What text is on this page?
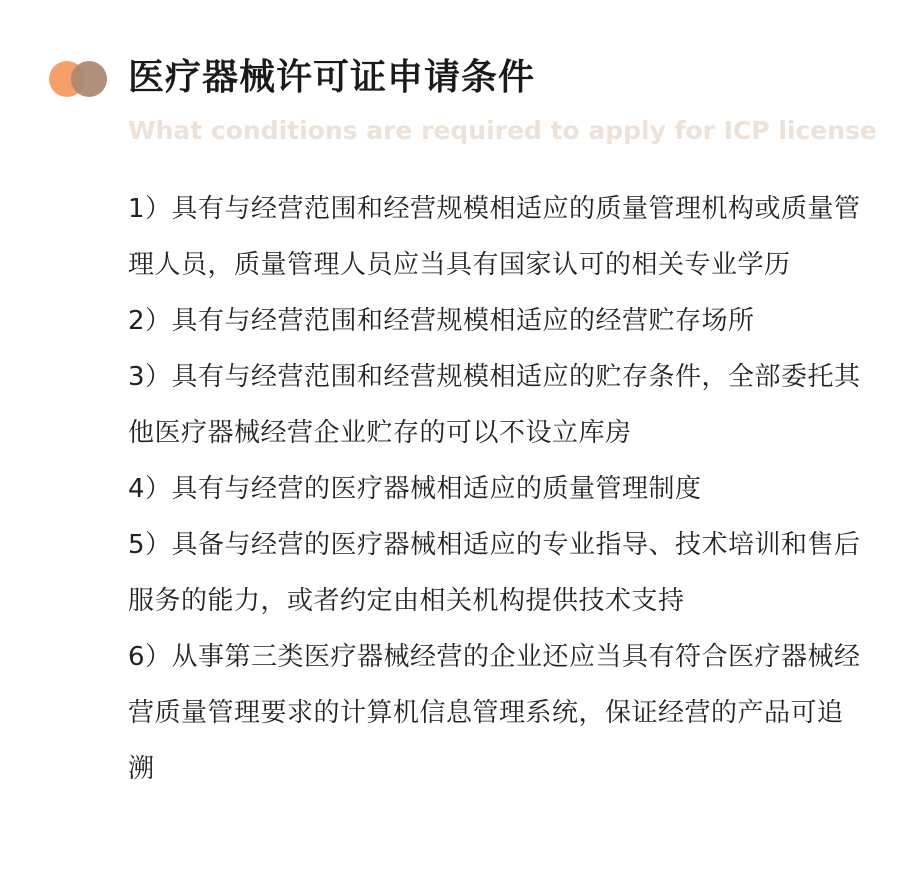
医疗器械许可证申请条件
What conditions are required to apply for ICP license

1）具有与经营范围和经营规模相适应的质量管理机构或质量管理人员，质量管理人员应当具有国家认可的相关专业学历

2）具有与经营范围和经营规模相适应的经营贮存场所

3）具有与经营范围和经营规模相适应的贮存条件，全部委托其他医疗器械经营企业贮存的可以不设立库房

4）具有与经营的医疗器械相适应的质量管理制度

5）具备与经营的医疗器械相适应的专业指导、技术培训和售后服务的能力，或者约定由相关机构提供技术支持

6）从事第三类医疗器械经营的企业还应当具有符合医疗器械经营质量管理要求的计算机信息管理系统，保证经营的产品可追溯
